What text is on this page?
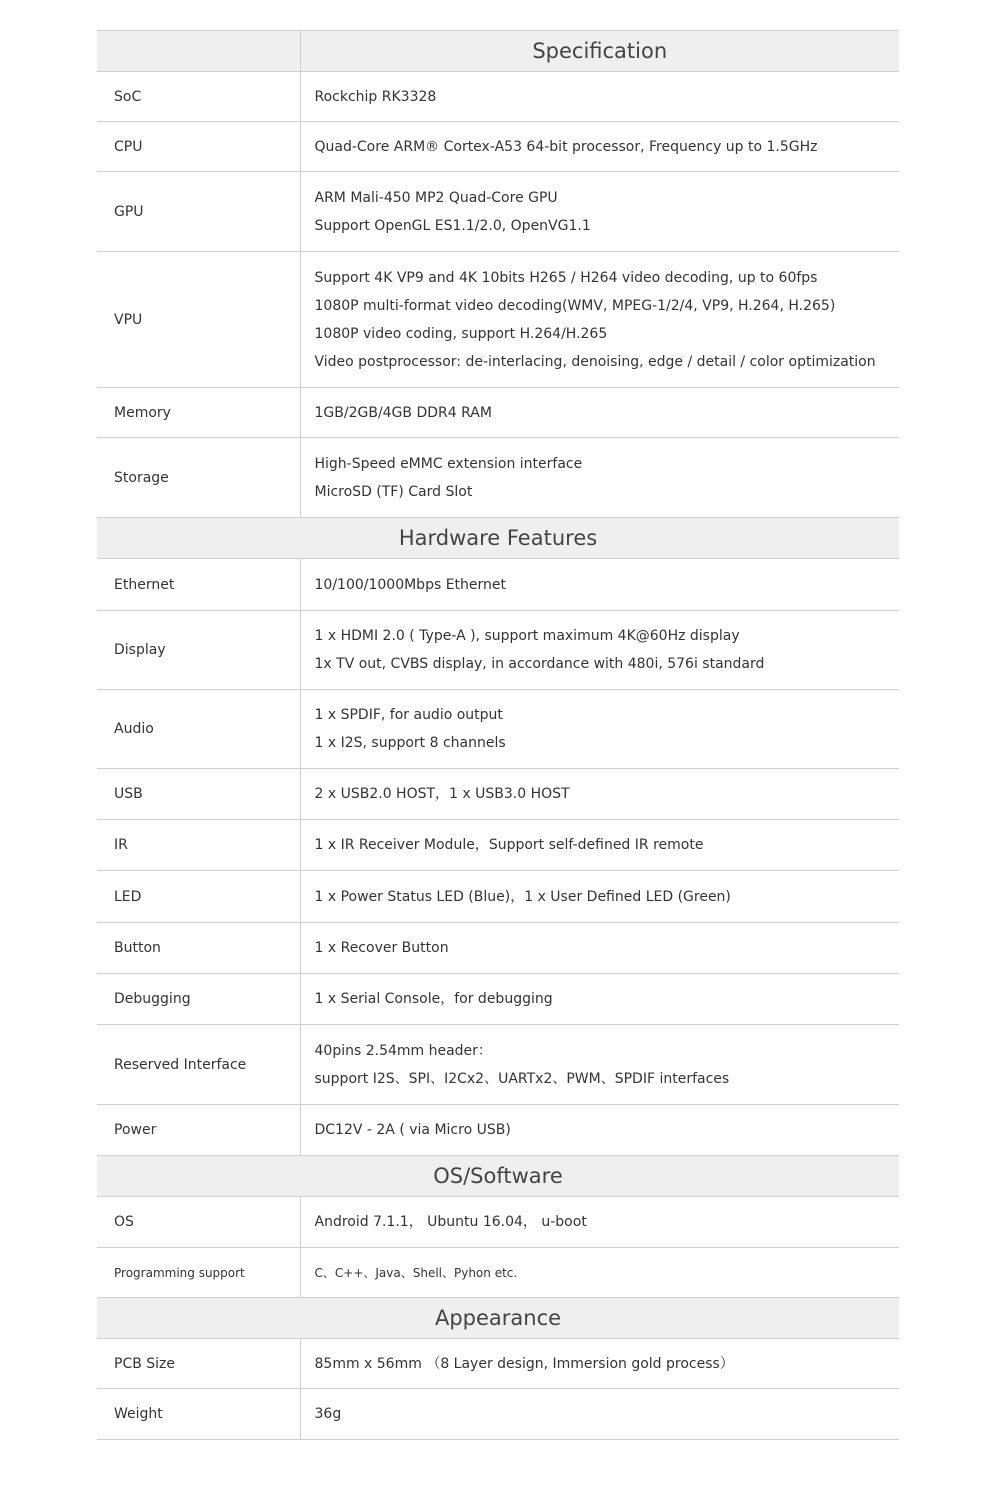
	Specification
SoC	Rockchip RK3328

CPU	Quad-Core ARM® Cortex-A53 64-bit processor, Frequency up to 1.5GHz

GPU	ARM Mali-450 MP2 Quad-Core GPU
Support OpenGL ES1.1/2.0, OpenVG1.1

VPU	Support 4K VP9 and 4K 10bits H265 / H264 video decoding, up to 60fps
1080P multi-format video decoding(WMV, MPEG-1/2/4, VP9, H.264, H.265)
1080P video coding, support H.264/H.265
Video postprocessor: de-interlacing, denoising, edge / detail / color optimization

Memory	1GB/2GB/4GB DDR4 RAM

Storage	High-Speed eMMC extension interface
MicroSD (TF) Card Slot

Hardware Features	
Ethernet	10/100/1000Mbps Ethernet

Display	1 x HDMI 2.0 ( Type-A ), support maximum 4K@60Hz display
1x TV out, CVBS display, in accordance with 480i, 576i standard

Audio	1 x SPDIF, for audio output
1 x I2S, support 8 channels

USB	2 x USB2.0 HOST，1 x USB3.0 HOST

IR	1 x IR Receiver Module，Support self-defined IR remote

LED	1 x Power Status LED (Blue)，1 x User Defined LED (Green)

Button	1 x Recover Button

Debugging	1 x Serial Console，for debugging

Reserved Interface	40pins 2.54mm header：
support I2S、SPI、I2Cx2、UARTx2、PWM、SPDIF interfaces

Power	DC12V - 2A ( via Micro USB)

OS/Software	
OS	Android 7.1.1， Ubuntu 16.04， u-boot

Programming support	C、C++、Java、Shell、Pyhon etc.

Appearance	
PCB Size	85mm x 56mm （8 Layer design, Immersion gold process）

Weight	36g
